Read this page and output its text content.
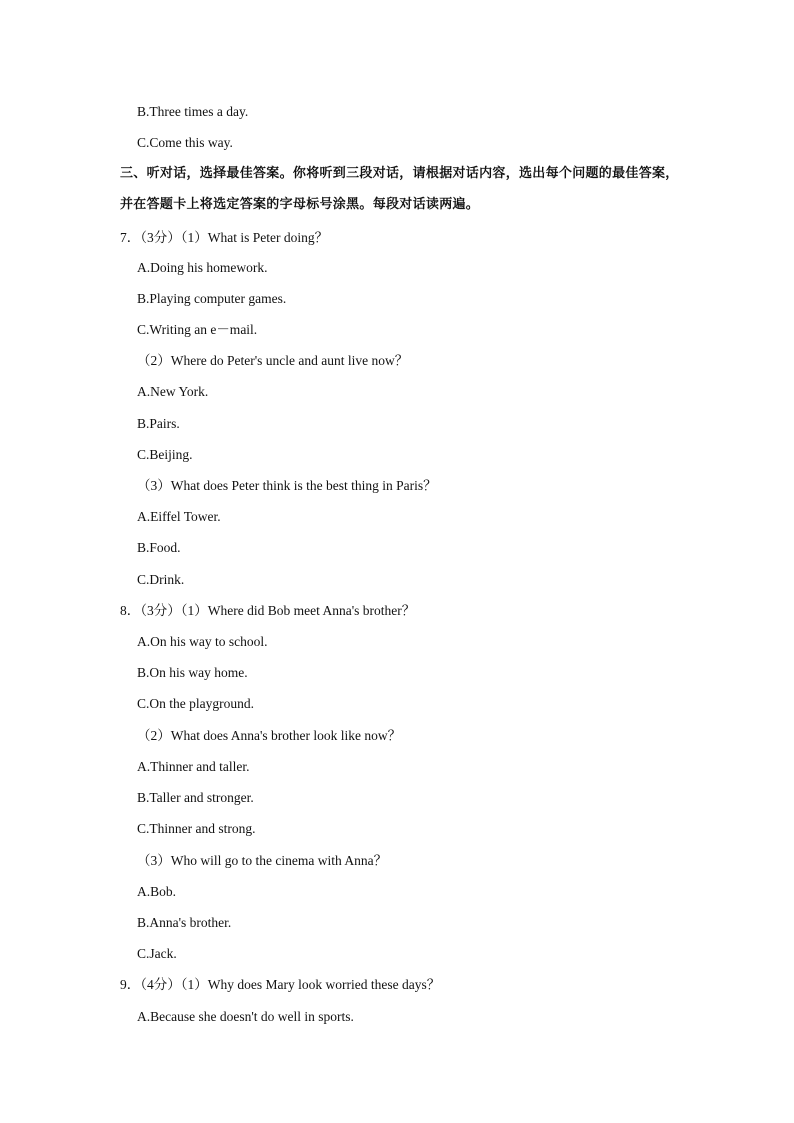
B.Three times a day.
C.Come this way.
三、听对话，选择最佳答案。你将听到三段对话，请根据对话内容，选出每个问题的最佳答案，并在答题卡上将选定答案的字母标号涂黑。每段对话读两遍。
7．（3分）（1）What is Peter doing？
A.Doing his homework.
B.Playing computer games.
C.Writing an e－mail.
（2）Where do Peter's uncle and aunt live now？
A.New York.
B.Pairs.
C.Beijing.
（3）What does Peter think is the best thing in Paris？
A.Eiffel Tower.
B.Food.
C.Drink.
8．（3分）（1）Where did Bob meet Anna's brother？
A.On his way to school.
B.On his way home.
C.On the playground.
（2）What does Anna's brother look like now？
A.Thinner and taller.
B.Taller and stronger.
C.Thinner and strong.
（3）Who will go to the cinema with Anna？
A.Bob.
B.Anna's brother.
C.Jack.
9．（4分）（1）Why does Mary look worried these days？
A.Because she doesn't do well in sports.
